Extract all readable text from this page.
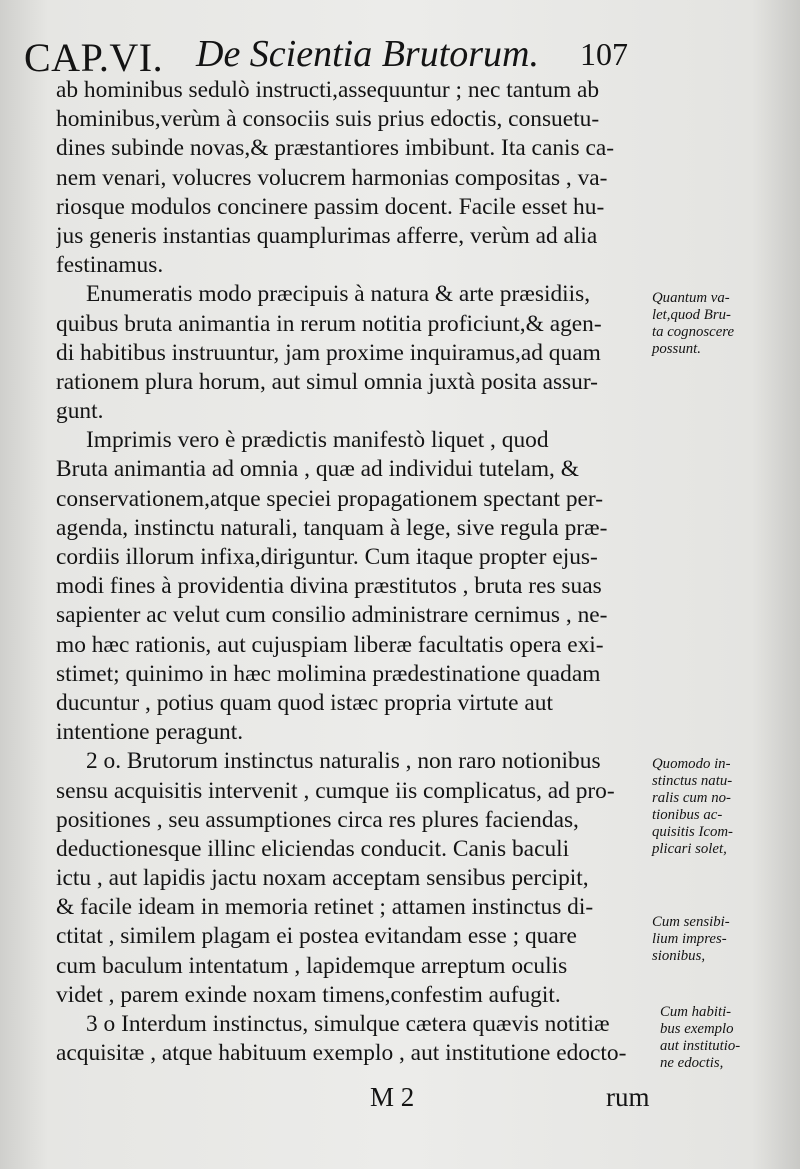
CAP.VI. De Scientia Brutorum. 107
ab hominibus sedulò instructi,assequuntur ; nec tantum ab
hominibus,verùm à consociis suis prius edoctis, consuetu-
dines subinde novas,& præstantiores imbibunt. Ita canis ca-
nem venari, volucres volucrem harmonias compositas , va-
riosque modulos concinere passim docent. Facile esset hu-
jus generis instantias quamplurimas afferre, verùm ad alia
festinamus.
Enumeratis modo præcipuis à natura & arte præsidiis,
quibus bruta animantia in rerum notitia proficiunt,& agen-
di habitibus instruuntur, jam proxime inquiramus,ad quam
rationem plura horum, aut simul omnia juxtà posita assur-
gunt.
Imprimis vero è prædictis manifestò liquet , quod
Bruta animantia ad omnia , quæ ad individui tutelam, &
conservationem,atque speciei propagationem spectant per-
agenda, instinctu naturali, tanquam à lege, sive regula præ-
cordiis illorum infixa,diriguntur. Cum itaque propter ejus-
modi fines à providentia divina præstitutos , bruta res suas
sapienter ac velut cum consilio administrare cernimus , ne-
mo hæc rationis, aut cujuspiam liberæ facultatis opera exi-
stimet; quinimo in hæc molimina prædestinatione quadam
ducuntur , potius quam quod istæc propria virtute aut
intentione peragunt.
2 o. Brutorum instinctus naturalis , non raro notionibus
sensu acquisitis intervenit , cumque iis complicatus, ad pro-
positiones , seu assumptiones circa res plures faciendas,
deductionesque illinc eliciendas conducit. Canis baculi
ictu , aut lapidis jactu noxam acceptam sensibus percipit,
& facile ideam in memoria retinet ; attamen instinctus di-
ctitat , similem plagam ei postea evitandam esse ; quare
cum baculum intentatum , lapidemque arreptum oculis
videt , parem exinde noxam timens,confestim aufugit.
3 o Interdum instinctus, simulque cætera quævis notitiæ
acquisitæ , atque habituum exemplo , aut institutione edocto-
Quantum va-
let,quod Bru-
ta cognoscere
possunt.
Quomodo in-
stinctus natu-
ralis cum no-
tionibus ac-
quisitis Icom-
plicari solet,
Cum sensibi-
lium impres-
sionibus,
Cum habiti-
bus exemplo
aut institutio-
ne edoctis,
M 2	rum
